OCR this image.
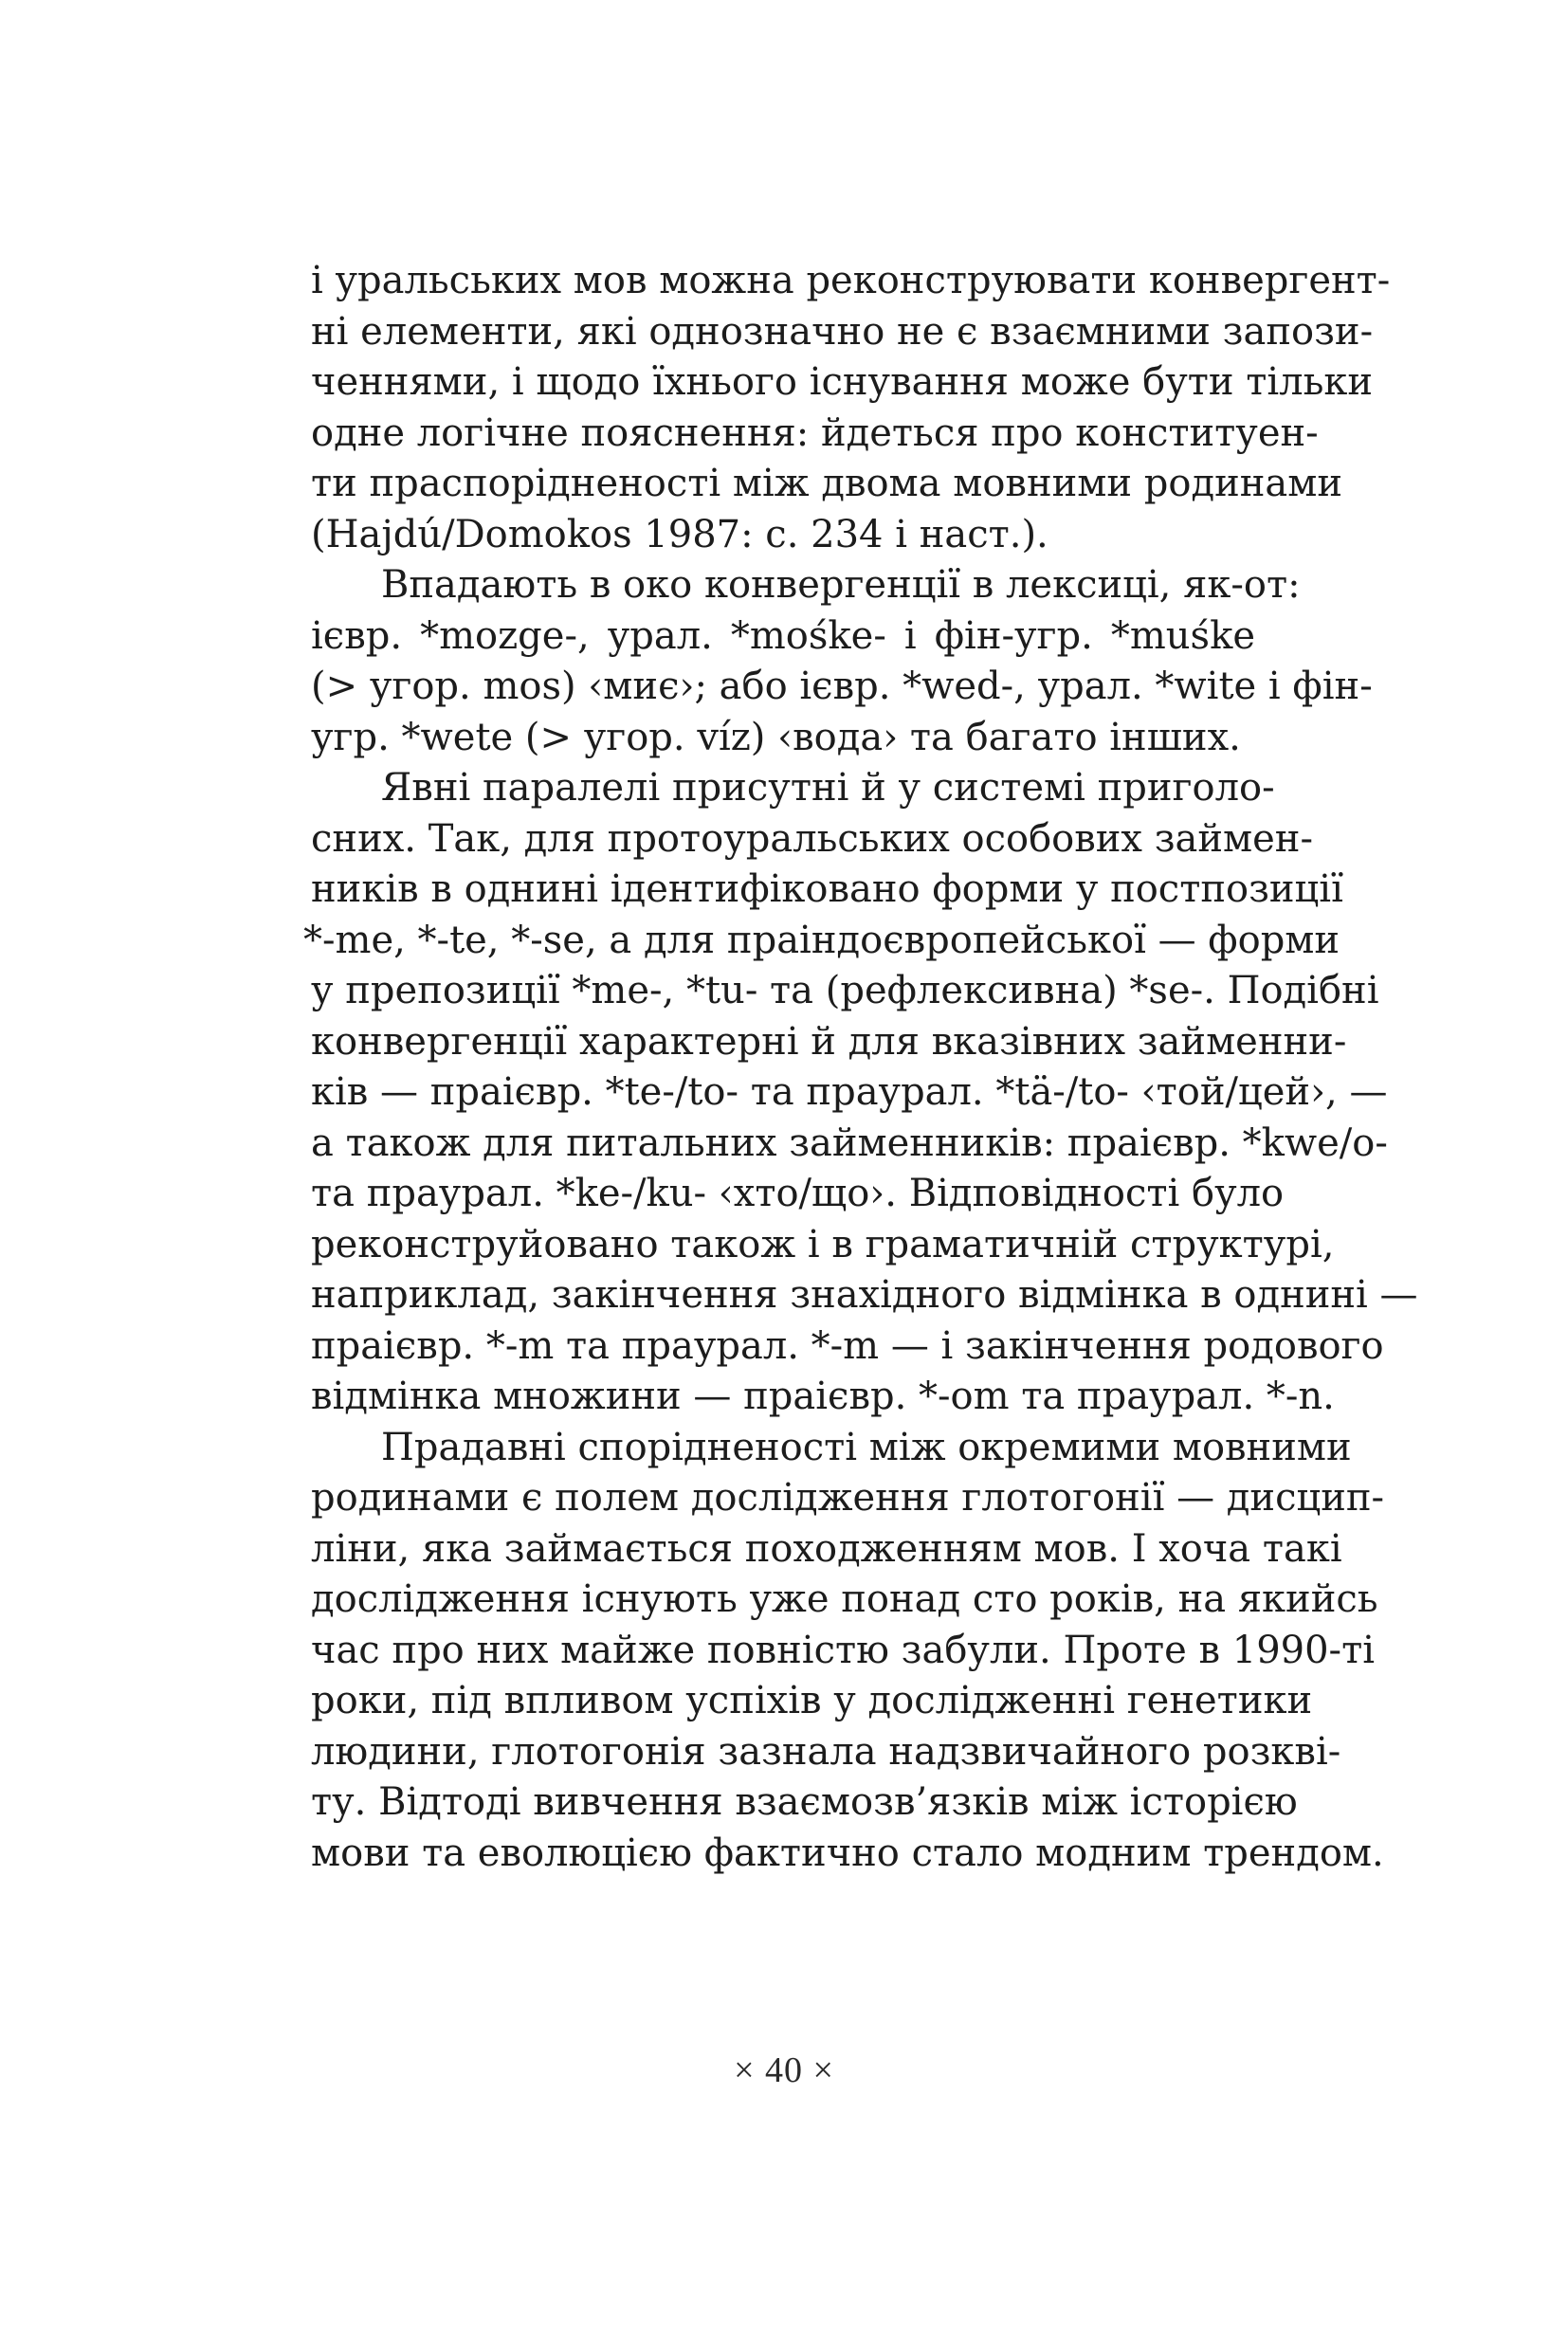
і уральських мов можна реконструювати конвергент-
ні елементи, які однозначно не є взаємними запози-
ченнями, і щодо їхнього існування може бути тільки
одне логічне пояснення: йдеться про конституен-
ти праспорідненості між двома мовними родинами
(Hajdú/Domokos 1987: с. 234 і наст.).
Впадають в око конвергенції в лексиці, як-от:
ієвр. *mozge-, урал. *mośke- і фін-угр. *muśke
(> угор. mos) ‹миє›; або ієвр. *wed-, урал. *wite і фін-
угр. *wete (> угор. víz) ‹вода› та багато інших.
Явні паралелі присутні й у системі приголо-
сних. Так, для протоуральських особових займен-
ників в однині ідентифіковано форми у постпозиції
*-me, *-te, *-se, а для праіндоєвропейської — форми
у препозиції *me-, *tu- та (рефлексивна) *se-. Подібні
конвергенції характерні й для вказівних займенни-
ків — праієвр. *te-/to- та праурал. *tä-/to- ‹той/цей›, —
а також для питальних займенників: праієвр. *kwe/o-
та праурал. *ke-/ku- ‹хто/що›. Відповідності було
реконструйовано також і в граматичній структурі,
наприклад, закінчення знахідного відмінка в однині —
праієвр. *-m та праурал. *-m — і закінчення родового
відмінка множини — праієвр. *-om та праурал. *-n.
Прадавні спорідненості між окремими мовними
родинами є полем дослідження глотогонії — дисцип-
ліни, яка займається походженням мов. І хоча такі
дослідження існують уже понад сто років, на якийсь
час про них майже повністю забули. Проте в 1990-ті
роки, під впливом успіхів у дослідженні генетики
людини, глотогонія зазнала надзвичайного розкві-
ту. Відтоді вивчення взаємозв’язків між історією
мови та еволюцією фактично стало модним трендом.
× 40 ×
